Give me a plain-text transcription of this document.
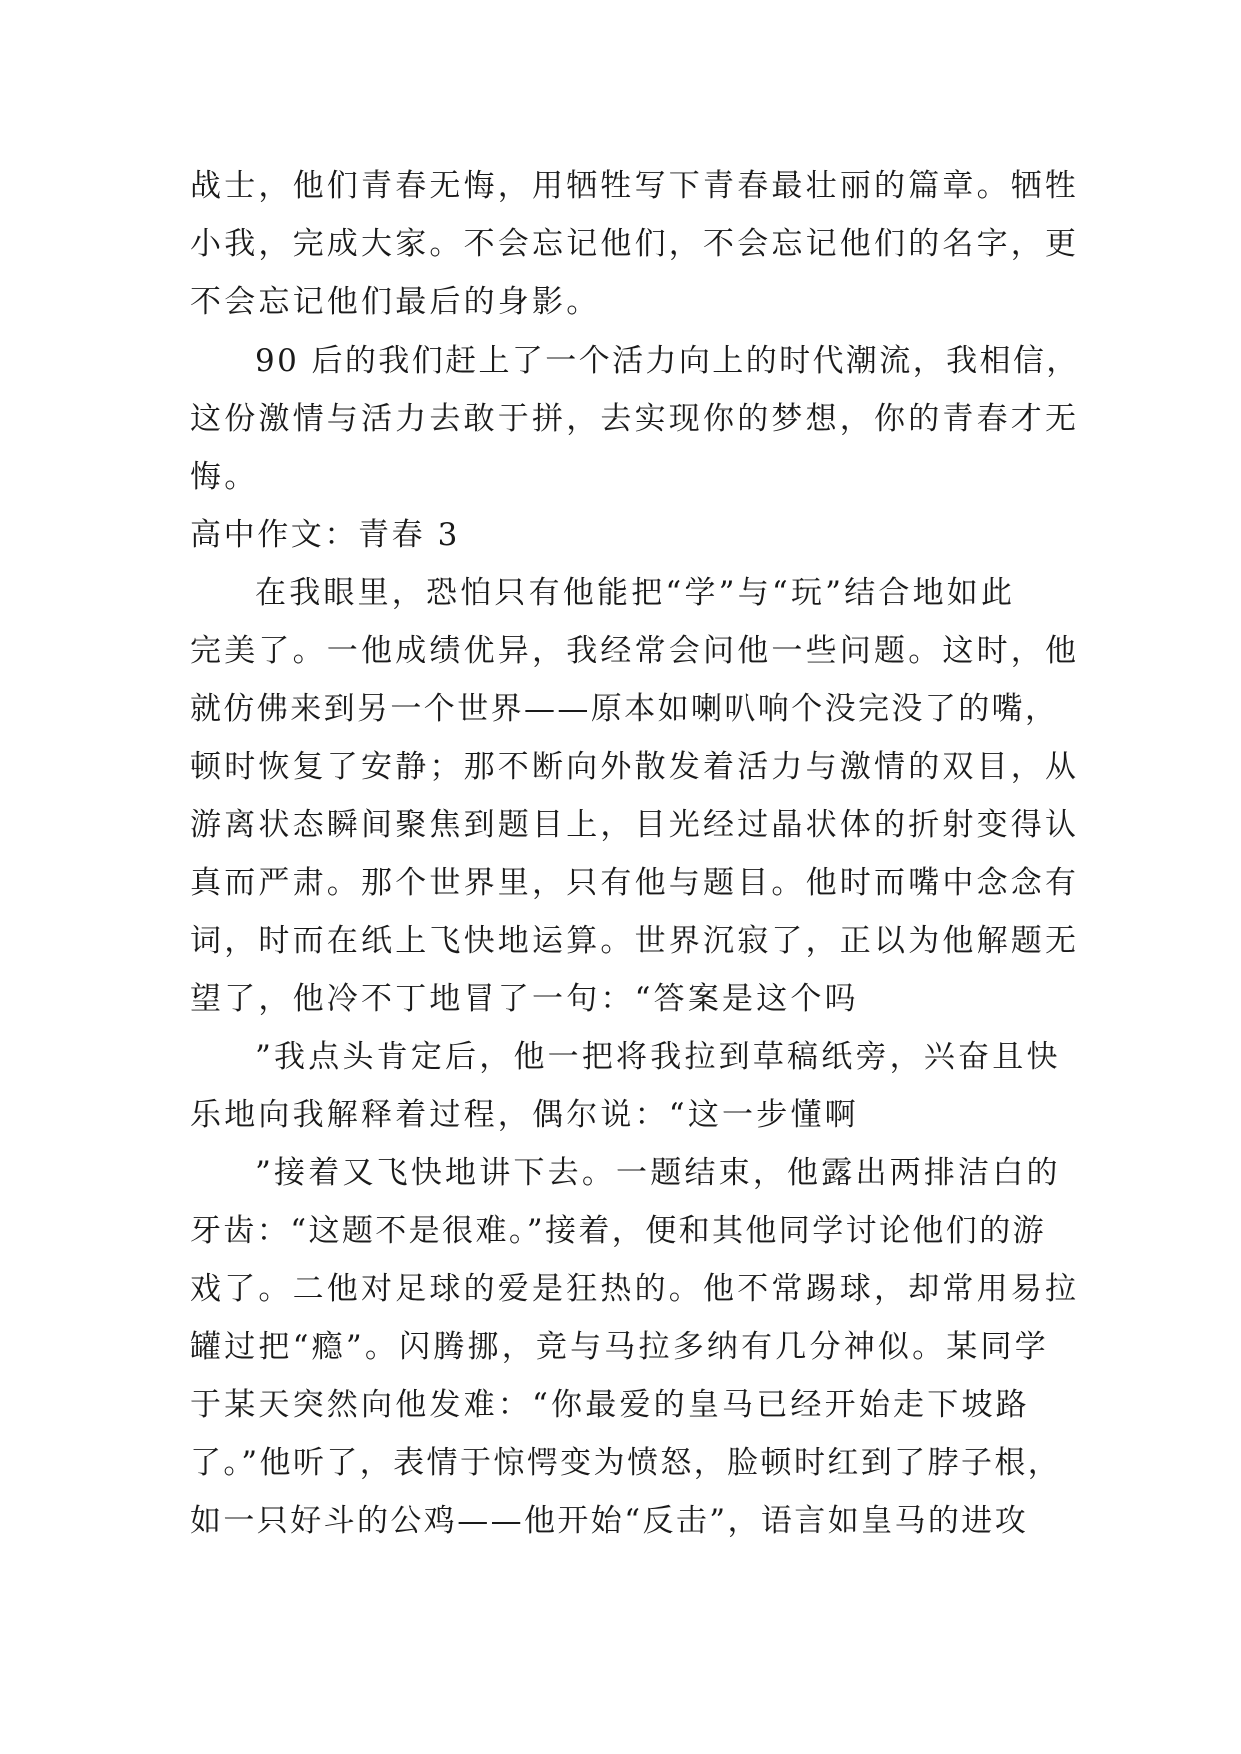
战士，他们青春无悔，用牺牲写下青春最壮丽的篇章。牺牲
小我，完成大家。不会忘记他们，不会忘记他们的名字，更
不会忘记他们最后的身影。
90 后的我们赶上了一个活力向上的时代潮流，我相信，
这份激情与活力去敢于拼，去实现你的梦想，你的青春才无
悔。
高中作文：青春 3
在我眼里，恐怕只有他能把“学”与“玩”结合地如此
完美了。一他成绩优异，我经常会问他一些问题。这时，他
就仿佛来到另一个世界——原本如喇叭响个没完没了的嘴，
顿时恢复了安静；那不断向外散发着活力与激情的双目，从
游离状态瞬间聚焦到题目上，目光经过晶状体的折射变得认
真而严肃。那个世界里，只有他与题目。他时而嘴中念念有
词，时而在纸上飞快地运算。世界沉寂了，正以为他解题无
望了，他冷不丁地冒了一句：“答案是这个吗
”我点头肯定后，他一把将我拉到草稿纸旁，兴奋且快
乐地向我解释着过程，偶尔说：“这一步懂啊
”接着又飞快地讲下去。一题结束，他露出两排洁白的
牙齿：“这题不是很难。”接着，便和其他同学讨论他们的游
戏了。二他对足球的爱是狂热的。他不常踢球，却常用易拉
罐过把“瘾”。闪腾挪，竞与马拉多纳有几分神似。某同学
于某天突然向他发难：“你最爱的皇马已经开始走下坡路
了。”他听了，表情于惊愕变为愤怒，脸顿时红到了脖子根，
如一只好斗的公鸡——他开始“反击”，语言如皇马的进攻
